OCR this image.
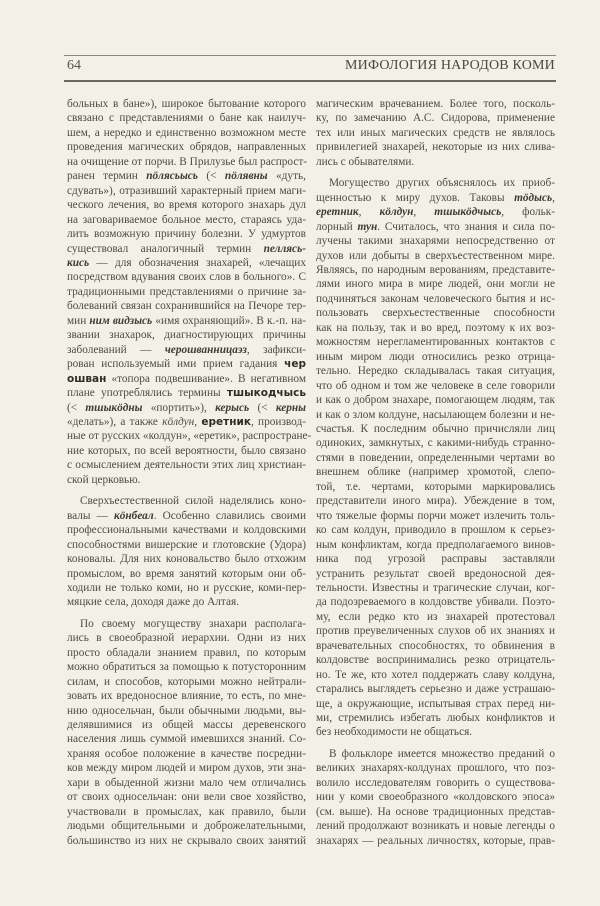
64	МИФОЛОГИЯ НАРОДОВ КОМИ
больных в бане»), широкое бытование которого
связано с представлениями о бане как наилуч-
шем, а нередко и единственно возможном месте
проведения магических обрядов, направленных
на очищение от порчи. В Прилузье был распрост-
ранен термин пöлясьысь (< пöлявны «дуть,
сдувать»), отразивший характерный прием маги-
ческого лечения, во время которого знахарь дул
на заговариваемое больное место, стараясь уда-
лить возможную причину болезни. У удмуртов
существовал аналогичный термин пеллясь-
кись — для обозначения знахарей, «лечащих
посредством вдувания своих слов в больного». С
традиционными представлениями о причине за-
болеваний связан сохранившийся на Печоре тер-
мин ним видзысь «имя охраняющий». В к.-п. на-
звании знахарок, диагностирующих причины
заболеваний — черошванницаэз, зафикси-
рован используемый ими прием гадания чер
ошван «топора подвешивание». В негативном
плане употреблялись термины тшыкодчысь
(< тшыкöдны «портить»), керысь (< керны
«делать»), а также кöлдун, еретник, производ-
ные от русских «колдун», «еретик», распростране-
ние которых, по всей вероятности, было связано
с осмыслением деятельности этих лиц христиан-
ской церковью.
Сверхъестественной силой наделялись коно-
валы — кöнбеал. Особенно славились своими
профессиональными качествами и колдовскими
способностями вишерские и глотовские (Удора)
коновалы. Для них коновальство было отхожим
промыслом, во время занятий которым они об-
ходили не только коми, но и русские, коми-пер-
мяцкие села, доходя даже до Алтая.
По своему могуществу знахари располага-
лись в своеобразной иерархии. Одни из них
просто обладали знанием правил, по которым
можно обратиться за помощью к потусторонним
силам, и способов, которыми можно нейтрали-
зовать их вредоносное влияние, то есть, по мне-
нию односельчан, были обычными людьми, вы-
делявшимися из общей массы деревенского
населения лишь суммой имевшихся знаний. Со-
храняя особое положение в качестве посредни-
ков между миром людей и миром духов, эти зна-
хари в обыденной жизни мало чем отличались
от своих односельчан: они вели свое хозяйство,
участвовали в промыслах, как правило, были
людьми общительными и доброжелательными,
большинство из них не скрывало своих занятий
магическим врачеванием. Более того, посколь-
ку, по замечанию А.С. Сидорова, применение
тех или иных магических средств не являлось
привилегией знахарей, некоторые из них слива-
лись с обывателями.
Могущество других объяснялось их приоб-
щенностью к миру духов. Таковы тöдысь,
еретник, кöлдун, тшыкöдчысь, фольк-
лорный тун. Считалось, что знания и сила по-
лучены такими знахарями непосредственно от
духов или добыты в сверхъестественном мире.
Являясь, по народным верованиям, представите-
лями иного мира в мире людей, они могли не
подчиняться законам человеческого бытия и ис-
пользовать сверхъестественные способности
как на пользу, так и во вред, поэтому к их воз-
можностям нерегламентированных контактов с
иным миром люди относились резко отрица-
тельно. Нередко складывалась такая ситуация,
что об одном и том же человеке в селе говорили
и как о добром знахаре, помогающем людям, так
и как о злом колдуне, насылающем болезни и не-
счастья. К последним обычно причисляли лиц
одиноких, замкнутых, с какими-нибудь странно-
стями в поведении, определенными чертами во
внешнем облике (например хромотой, слепо-
той, т.е. чертами, которыми маркировались
представители иного мира). Убеждение в том,
что тяжелые формы порчи может излечить толь-
ко сам колдун, приводило в прошлом к серьез-
ным конфликтам, когда предполагаемого винов-
ника под угрозой расправы заставляли
устранить результат своей вредоносной дея-
тельности. Известны и трагические случаи, ког-
да подозреваемого в колдовстве убивали. Поэто-
му, если редко кто из знахарей протестовал
против преувеличенных слухов об их знаниях и
врачевательных способностях, то обвинения в
колдовстве воспринимались резко отрицатель-
но. Те же, кто хотел поддержать славу колдуна,
старались выглядеть серьезно и даже устрашаю-
ще, а окружающие, испытывая страх перед ни-
ми, стремились избегать любых конфликтов и
без необходимости не общаться.
В фольклоре имеется множество преданий о
великих знахарях-колдунах прошлого, что поз-
волило исследователям говорить о существова-
нии у коми своеобразного «колдовского эпоса»
(см. выше). На основе традиционных представ-
лений продолжают возникать и новые легенды о
знахарях — реальных личностях, которые, прав-
